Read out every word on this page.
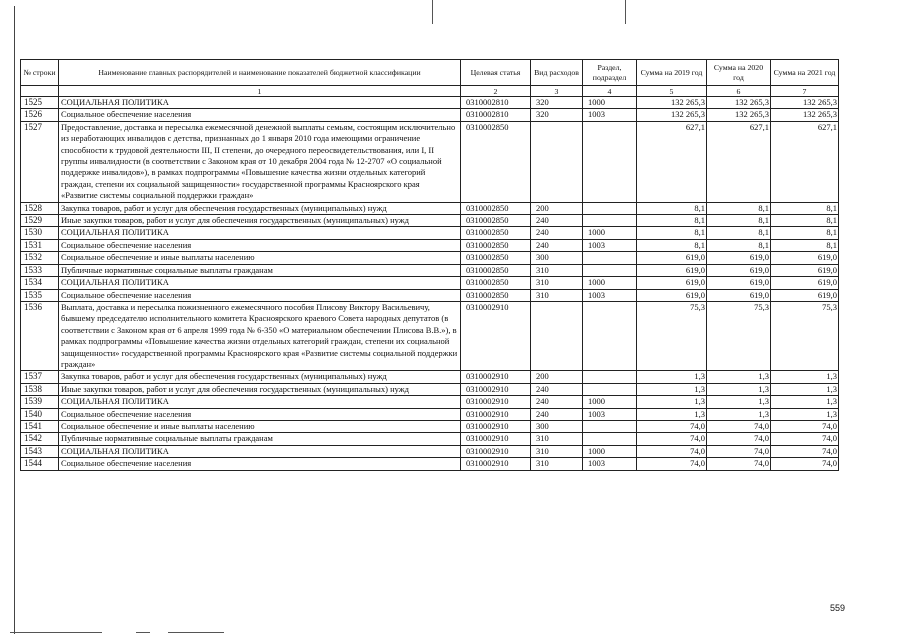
№ строки	Наименование главных распорядителей и наименование показателей бюджетной классификации	Целевая статья	Вид расходов	Раздел, подраздел	Сумма на 2019 год	Сумма на 2020 год	Сумма на 2021 год
	1	2	3	4	5	6	7
1525	СОЦИАЛЬНАЯ ПОЛИТИКА	0310002810	320	1000	132 265,3	132 265,3	132 265,3
1526	Социальное обеспечение населения	0310002810	320	1003	132 265,3	132 265,3	132 265,3
1527	Предоставление, доставка и пересылка ежемесячной денежной выплаты семьям, состоящим исключительно из неработающих инвалидов с детства, признанных до 1 января 2010 года имеющими ограничение способности к трудовой деятельности III, II степени, до очередного переосвидетельствования, или I, II группы инвалидности (в соответствии с Законом края от 10 декабря 2004 года № 12-2707 «О социальной поддержке инвалидов»), в рамках подпрограммы «Повышение качества жизни отдельных категорий граждан, степени их социальной защищенности» государственной программы Красноярского края «Развитие системы социальной поддержки граждан»	0310002850			627,1	627,1	627,1
1528	Закупка товаров, работ и услуг для обеспечения государственных (муниципальных) нужд	0310002850	200		8,1	8,1	8,1
1529	Иные закупки товаров, работ и услуг для обеспечения государственных (муниципальных) нужд	0310002850	240		8,1	8,1	8,1
1530	СОЦИАЛЬНАЯ ПОЛИТИКА	0310002850	240	1000	8,1	8,1	8,1
1531	Социальное обеспечение населения	0310002850	240	1003	8,1	8,1	8,1
1532	Социальное обеспечение и иные выплаты населению	0310002850	300		619,0	619,0	619,0
1533	Публичные нормативные социальные выплаты гражданам	0310002850	310		619,0	619,0	619,0
1534	СОЦИАЛЬНАЯ ПОЛИТИКА	0310002850	310	1000	619,0	619,0	619,0
1535	Социальное обеспечение населения	0310002850	310	1003	619,0	619,0	619,0
1536	Выплата, доставка и пересылка пожизненного ежемесячного пособия Плисову Виктору Васильевичу, бывшему председателю исполнительного комитета Красноярского краевого Совета народных депутатов (в соответствии с Законом края от 6 апреля 1999 года № 6-350 «О материальном обеспечении Плисова В.В.»), в рамках подпрограммы «Повышение качества жизни отдельных категорий граждан, степени их социальной защищенности» государственной программы Красноярского края «Развитие системы социальной поддержки граждан»	0310002910			75,3	75,3	75,3
1537	Закупка товаров, работ и услуг для обеспечения государственных (муниципальных) нужд	0310002910	200		1,3	1,3	1,3
1538	Иные закупки товаров, работ и услуг для обеспечения государственных (муниципальных) нужд	0310002910	240		1,3	1,3	1,3
1539	СОЦИАЛЬНАЯ ПОЛИТИКА	0310002910	240	1000	1,3	1,3	1,3
1540	Социальное обеспечение населения	0310002910	240	1003	1,3	1,3	1,3
1541	Социальное обеспечение и иные выплаты населению	0310002910	300		74,0	74,0	74,0
1542	Публичные нормативные социальные выплаты гражданам	0310002910	310		74,0	74,0	74,0
1543	СОЦИАЛЬНАЯ ПОЛИТИКА	0310002910	310	1000	74,0	74,0	74,0
1544	Социальное обеспечение населения	0310002910	310	1003	74,0	74,0	74,0
559
